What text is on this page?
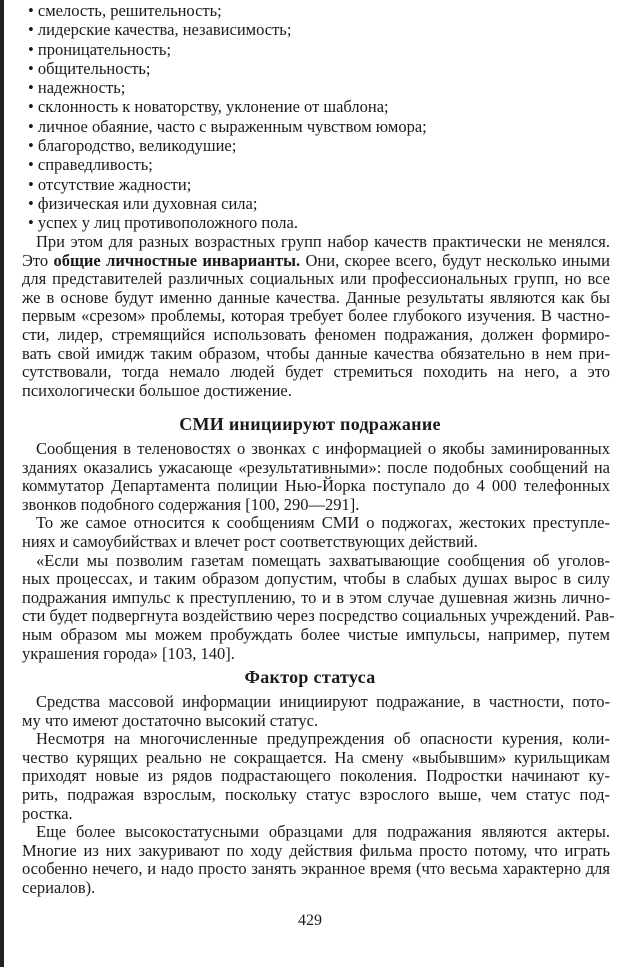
• смелость, решительность;
• лидерские качества, независимость;
• проницательность;
• общительность;
• надежность;
• склонность к новаторству, уклонение от шаблона;
• личное обаяние, часто с выраженным чувством юмора;
• благородство, великодушие;
• справедливость;
• отсутствие жадности;
• физическая или духовная сила;
• успех у лиц противоположного пола.
При этом для разных возрастных групп набор качеств практически не менялся.
Это общие личностные инварианты. Они, скорее всего, будут несколько иными
для представителей различных социальных или профессиональных групп, но все
же в основе будут именно данные качества. Данные результаты являются как бы
первым «срезом» проблемы, которая требует более глубокого изучения. В частно-
сти, лидер, стремящийся использовать феномен подражания, должен формиро-
вать свой имидж таким образом, чтобы данные качества обязательно в нем при-
сутствовали, тогда немало людей будет стремиться походить на него, а это
психологически большое достижение.
СМИ инициируют подражание
Сообщения в теленовостях о звонках с информацией о якобы заминированных
зданиях оказались ужасающе «результативными»: после подобных сообщений на
коммутатор Департамента полиции Нью-Йорка поступало до 4 000 телефонных
звонков подобного содержания [100, 290—291].
То же самое относится к сообщениям СМИ о поджогах, жестоких преступле-
ниях и самоубийствах и влечет рост соответствующих действий.
«Если мы позволим газетам помещать захватывающие сообщения об уголов-
ных процессах, и таким образом допустим, чтобы в слабых душах вырос в силу
подражания импульс к преступлению, то и в этом случае душевная жизнь лично-
сти будет подвергнута воздействию через посредство социальных учреждений. Рав-
ным образом мы можем пробуждать более чистые импульсы, например, путем
украшения города» [103, 140].
Фактор статуса
Средства массовой информации инициируют подражание, в частности, пото-
му что имеют достаточно высокий статус.
Несмотря на многочисленные предупреждения об опасности курения, коли-
чество курящих реально не сокращается. На смену «выбывшим» курильщикам
приходят новые из рядов подрастающего поколения. Подростки начинают ку-
рить, подражая взрослым, поскольку статус взрослого выше, чем статус под-
ростка.
Еще более высокостатусными образцами для подражания являются актеры.
Многие из них закуривают по ходу действия фильма просто потому, что играть
особенно нечего, и надо просто занять экранное время (что весьма характерно для
сериалов).
429
